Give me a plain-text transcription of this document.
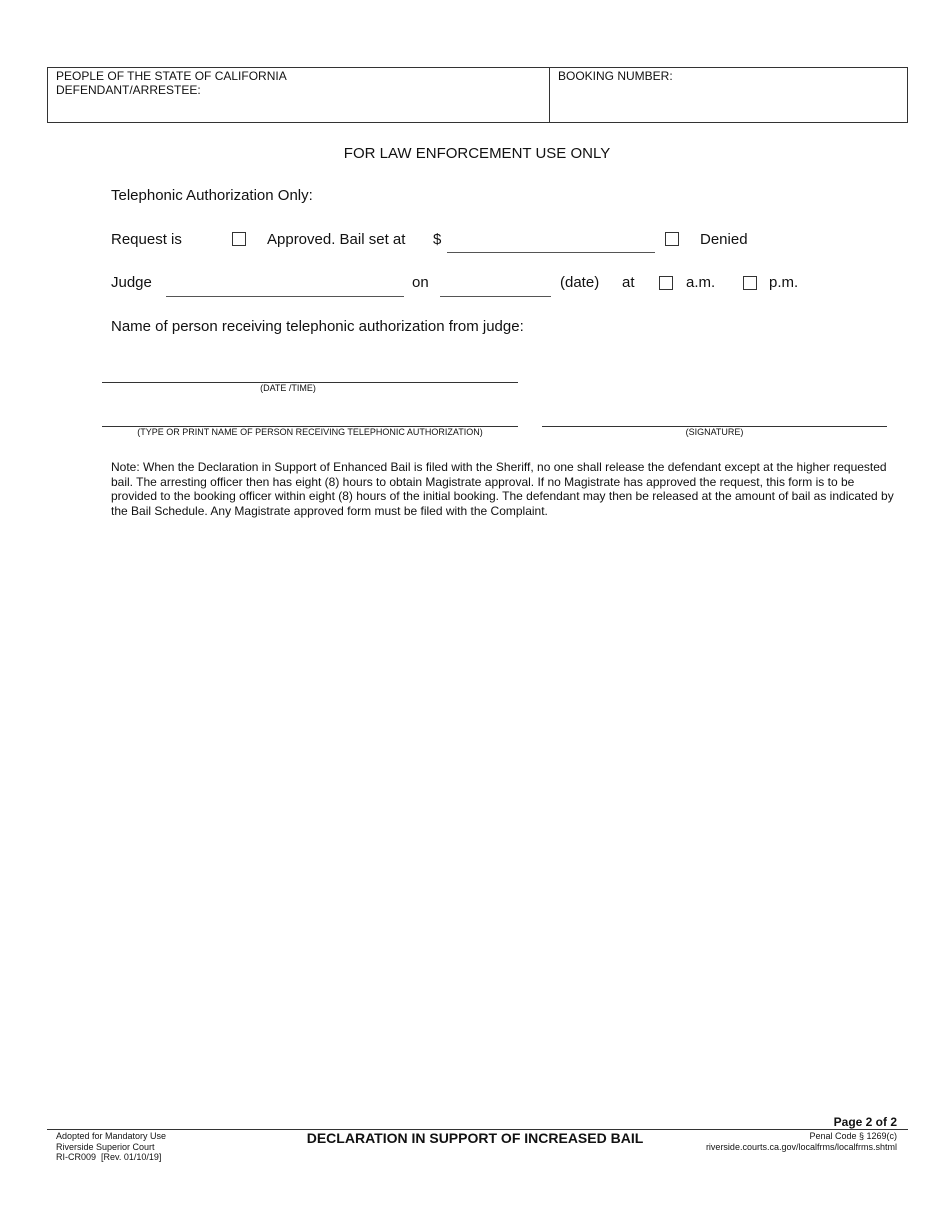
PEOPLE OF THE STATE OF CALIFORNIA
DEFENDANT/ARRESTEE:
BOOKING NUMBER:
FOR LAW ENFORCEMENT USE ONLY
Telephonic Authorization Only:
Request is	Approved. Bail set at $	Denied
Judge	on	(date) at	a.m.	p.m.
Name of person receiving telephonic authorization from judge:
(DATE /TIME)
(TYPE OR PRINT NAME OF PERSON RECEIVING TELEPHONIC AUTHORIZATION)	(SIGNATURE)
Note: When the Declaration in Support of Enhanced Bail is filed with the Sheriff, no one shall release the defendant except at the higher requested bail. The arresting officer then has eight (8) hours to obtain Magistrate approval. If no Magistrate has approved the request, this form is to be provided to the booking officer within eight (8) hours of the initial booking. The defendant may then be released at the amount of bail as indicated by the Bail Schedule. Any Magistrate approved form must be filed with the Complaint.
Page 2 of 2
Adopted for Mandatory Use
Riverside Superior Court
RI-CR009  [Rev. 01/10/19]
DECLARATION IN SUPPORT OF INCREASED BAIL	Penal Code § 1269(c)
riverside.courts.ca.gov/localfrms/localfrms.shtml
